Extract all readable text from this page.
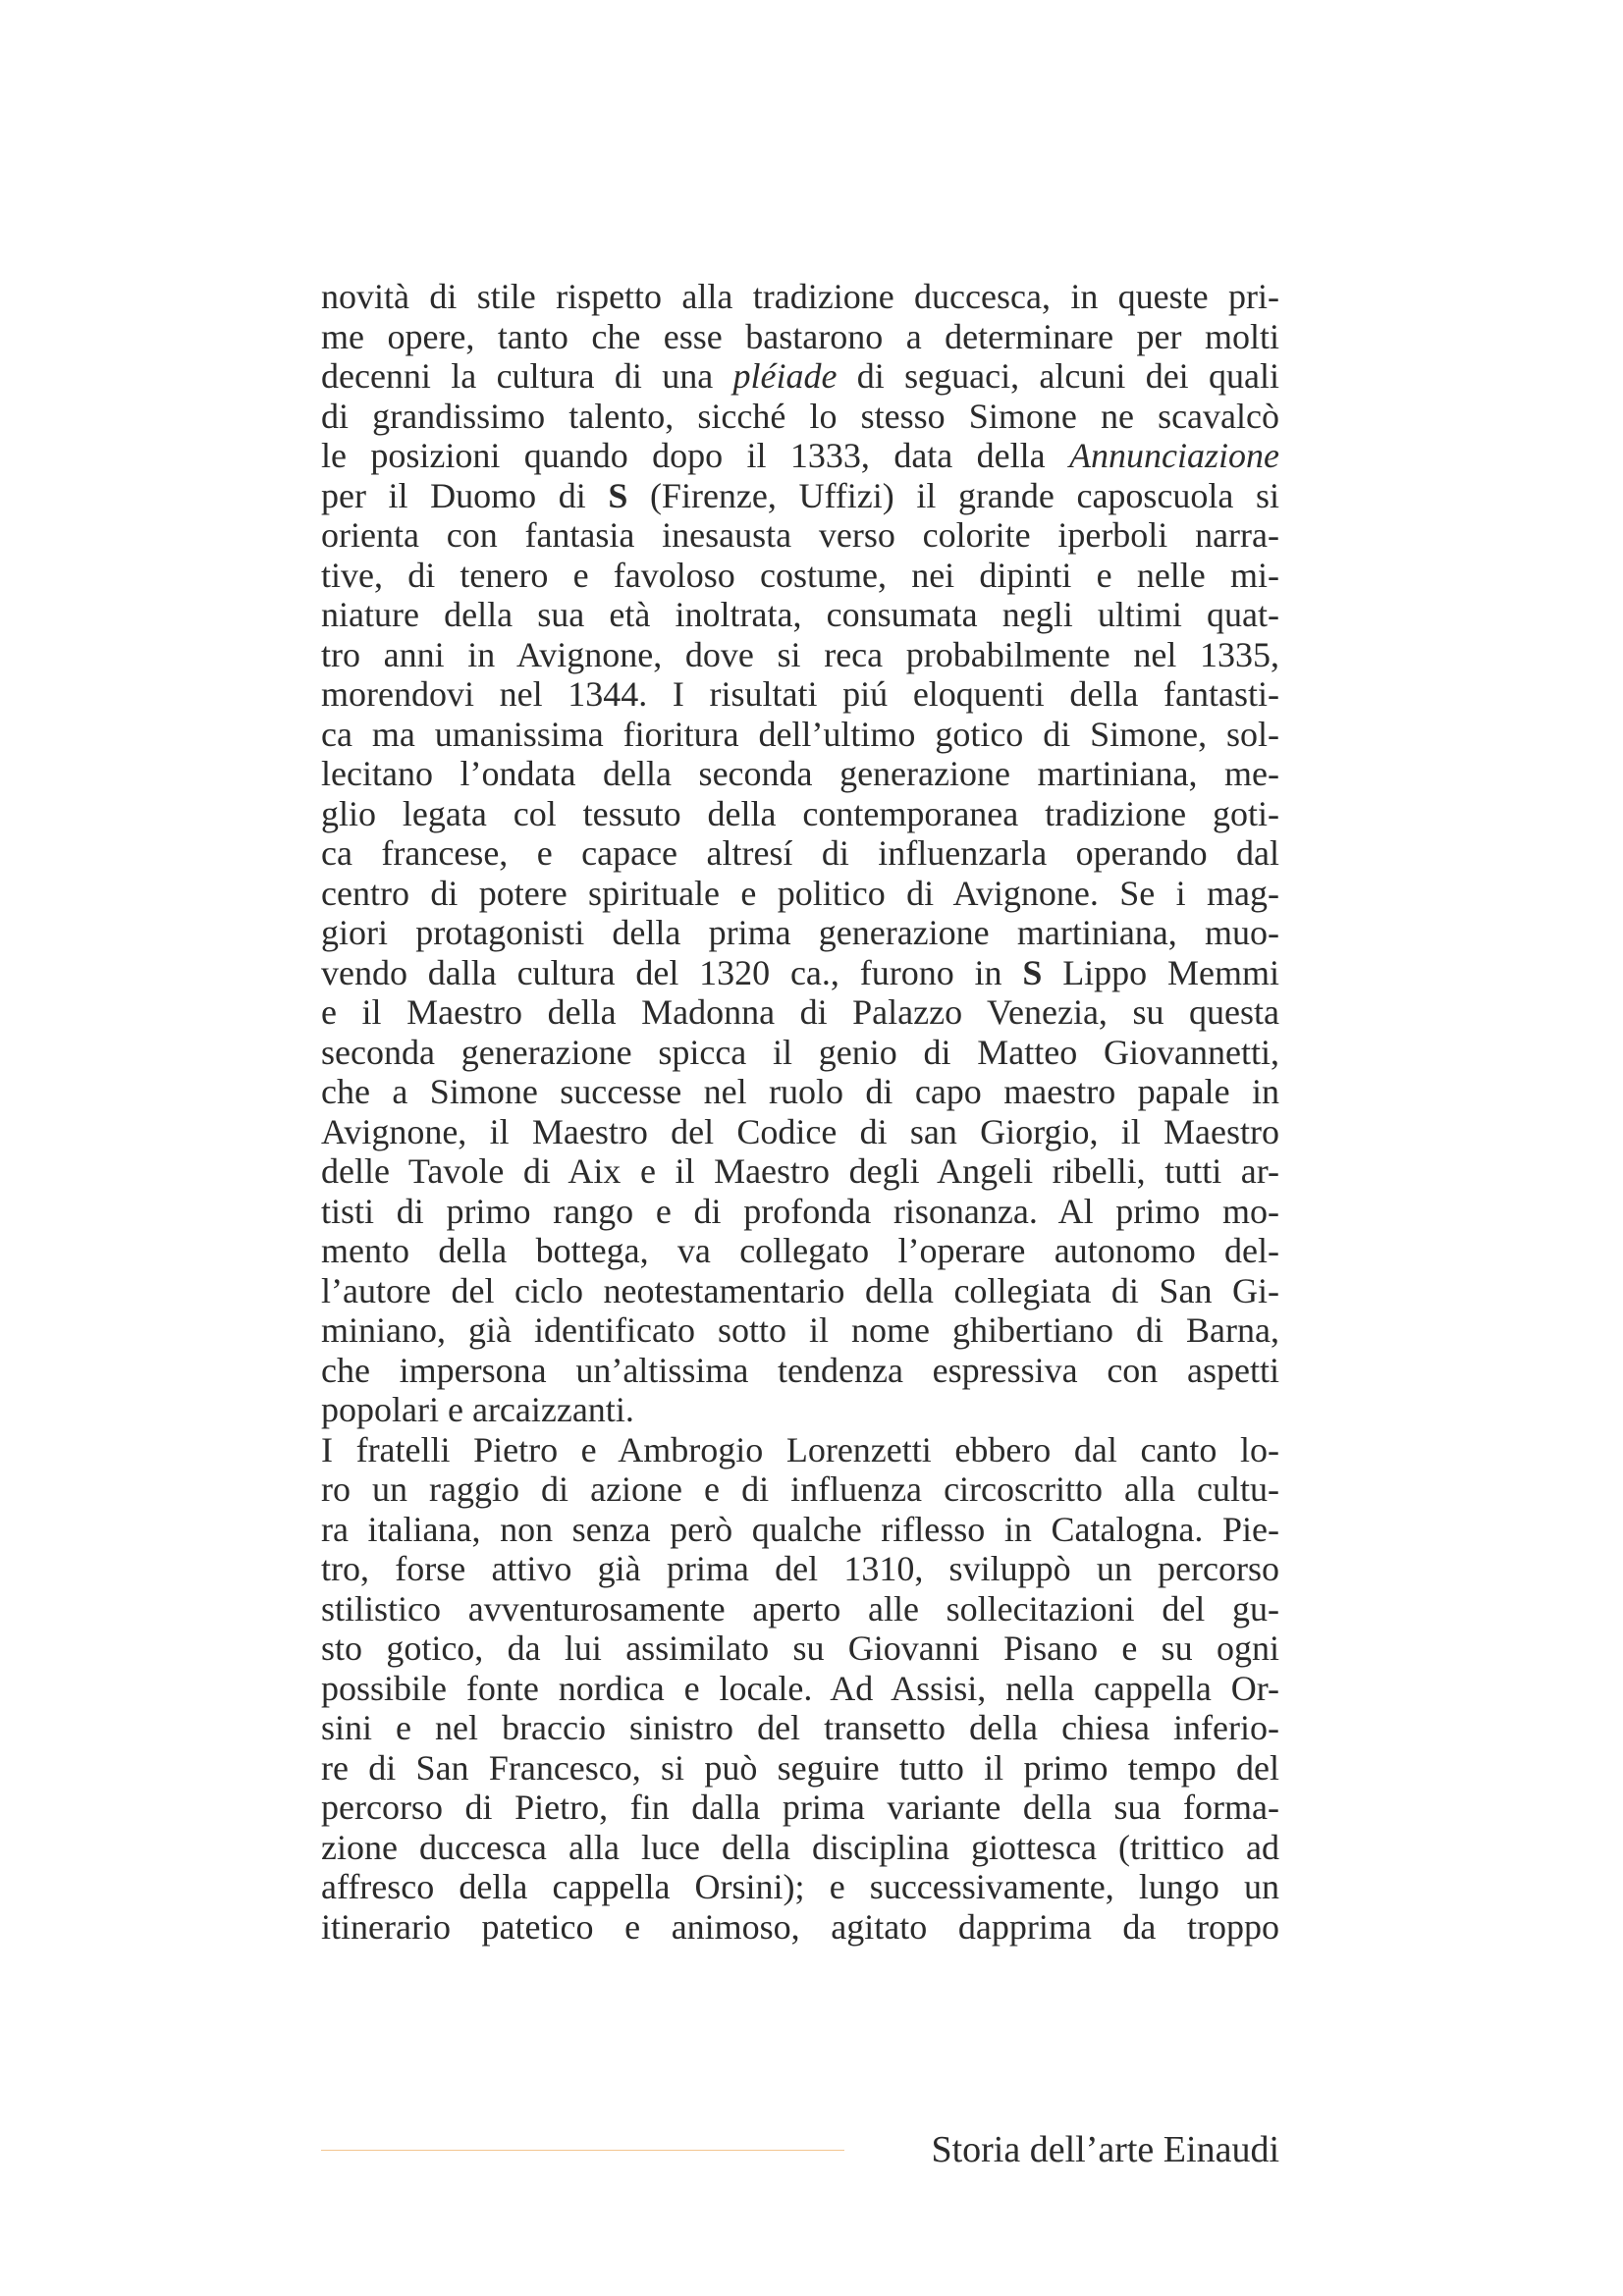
novità di stile rispetto alla tradizione duccesca, in queste pri-
me opere, tanto che esse bastarono a determinare per molti
decenni la cultura di una pléiade di seguaci, alcuni dei quali
di grandissimo talento, sicché lo stesso Simone ne scavalcò
le posizioni quando dopo il 1333, data della Annunciazione
per il Duomo di S (Firenze, Uffizi) il grande caposcuola si
orienta con fantasia inesausta verso colorite iperboli narra-
tive, di tenero e favoloso costume, nei dipinti e nelle mi-
niature della sua età inoltrata, consumata negli ultimi quat-
tro anni in Avignone, dove si reca probabilmente nel 1335,
morendovi nel 1344. I risultati piú eloquenti della fantasti-
ca ma umanissima fioritura dell’ultimo gotico di Simone, sol-
lecitano l’ondata della seconda generazione martiniana, me-
glio legata col tessuto della contemporanea tradizione goti-
ca francese, e capace altresí di influenzarla operando dal
centro di potere spirituale e politico di Avignone. Se i mag-
giori protagonisti della prima generazione martiniana, muo-
vendo dalla cultura del 1320 ca., furono in S Lippo Memmi
e il Maestro della Madonna di Palazzo Venezia, su questa
seconda generazione spicca il genio di Matteo Giovannetti,
che a Simone successe nel ruolo di capo maestro papale in
Avignone, il Maestro del Codice di san Giorgio, il Maestro
delle Tavole di Aix e il Maestro degli Angeli ribelli, tutti ar-
tisti di primo rango e di profonda risonanza. Al primo mo-
mento della bottega, va collegato l’operare autonomo del-
l’autore del ciclo neotestamentario della collegiata di San Gi-
miniano, già identificato sotto il nome ghibertiano di Barna,
che impersona un’altissima tendenza espressiva con aspetti
popolari e arcaizzanti.
I fratelli Pietro e Ambrogio Lorenzetti ebbero dal canto lo-
ro un raggio di azione e di influenza circoscritto alla cultu-
ra italiana, non senza però qualche riflesso in Catalogna. Pie-
tro, forse attivo già prima del 1310, sviluppò un percorso
stilistico avventurosamente aperto alle sollecitazioni del gu-
sto gotico, da lui assimilato su Giovanni Pisano e su ogni
possibile fonte nordica e locale. Ad Assisi, nella cappella Or-
sini e nel braccio sinistro del transetto della chiesa inferio-
re di San Francesco, si può seguire tutto il primo tempo del
percorso di Pietro, fin dalla prima variante della sua forma-
zione duccesca alla luce della disciplina giottesca (trittico ad
affresco della cappella Orsini); e successivamente, lungo un
itinerario patetico e animoso, agitato dapprima da troppo
Storia dell’arte Einaudi
